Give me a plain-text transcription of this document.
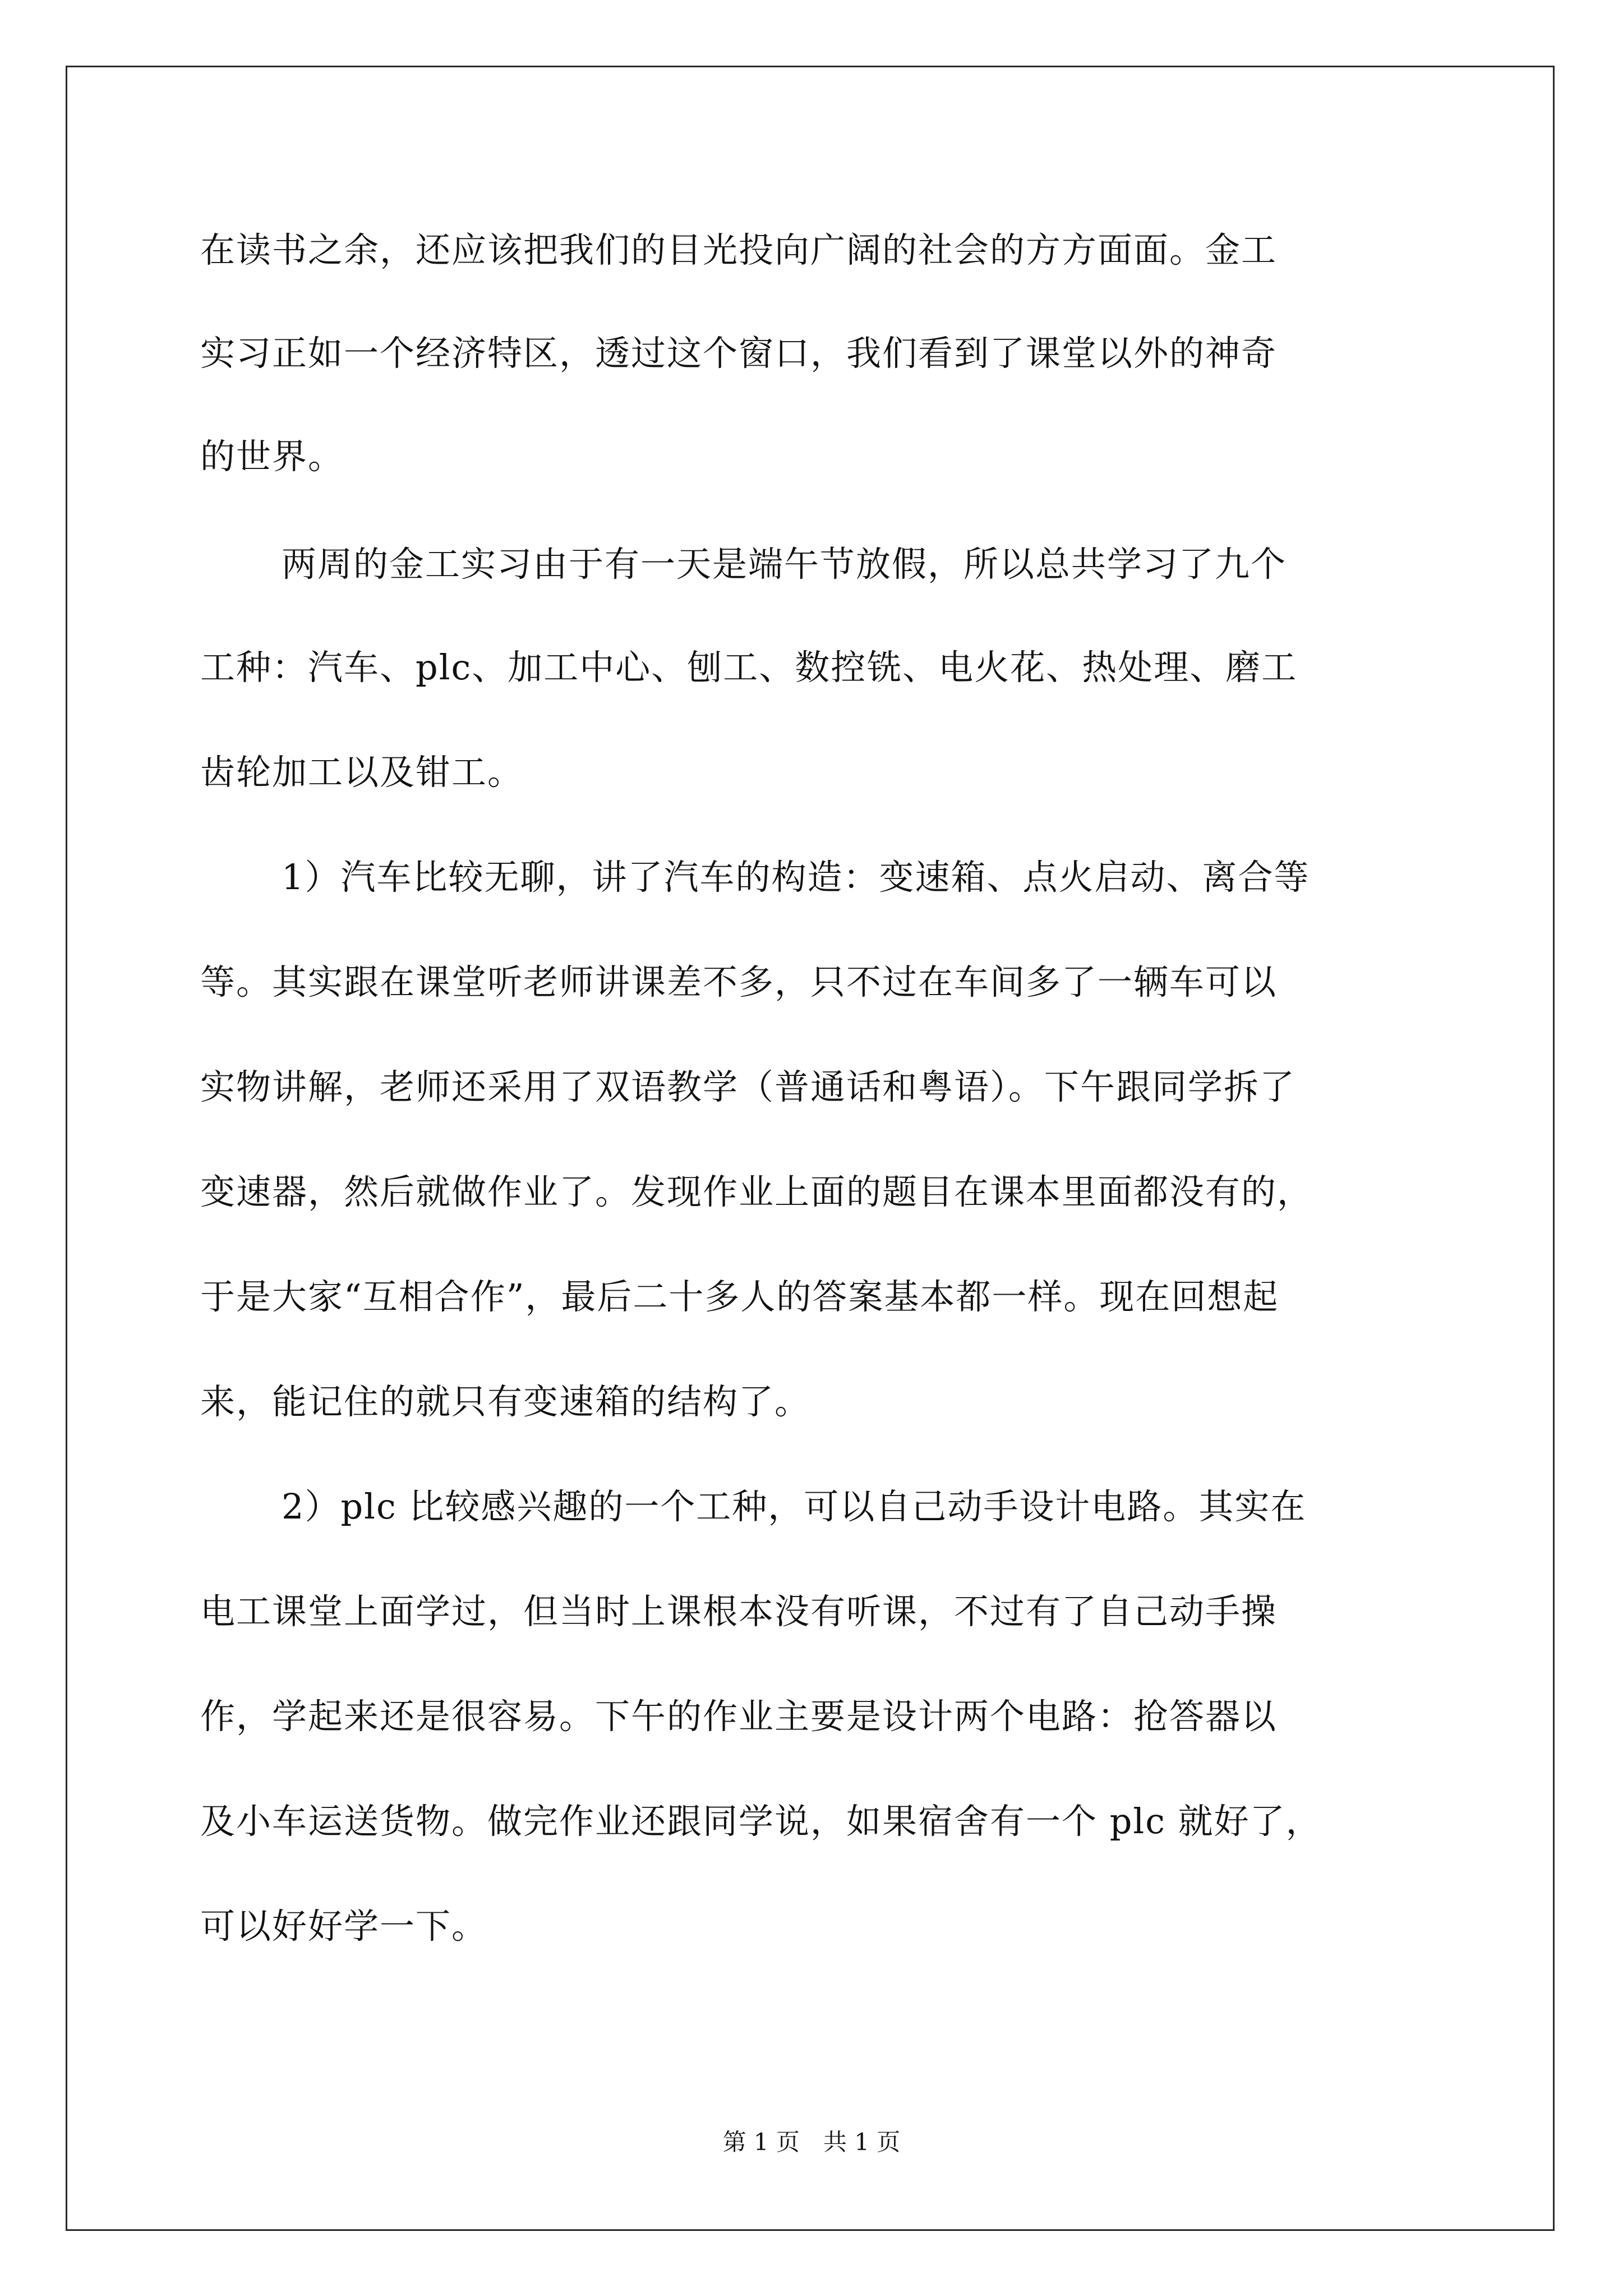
在读书之余，还应该把我们的目光投向广阔的社会的方方面面。金工

实习正如一个经济特区，透过这个窗口，我们看到了课堂以外的神奇

的世界。

两周的金工实习由于有一天是端午节放假，所以总共学习了九个

工种：汽车、plc、加工中心、刨工、数控铣、电火花、热处理、磨工

齿轮加工以及钳工。

1）汽车比较无聊，讲了汽车的构造：变速箱、点火启动、离合等

等。其实跟在课堂听老师讲课差不多，只不过在车间多了一辆车可以

实物讲解，老师还采用了双语教学（普通话和粤语）。下午跟同学拆了

变速器，然后就做作业了。发现作业上面的题目在课本里面都没有的，

于是大家“互相合作”，最后二十多人的答案基本都一样。现在回想起

来，能记住的就只有变速箱的结构了。

2）plc 比较感兴趣的一个工种，可以自己动手设计电路。其实在

电工课堂上面学过，但当时上课根本没有听课，不过有了自己动手操

作，学起来还是很容易。下午的作业主要是设计两个电路：抢答器以

及小车运送货物。做完作业还跟同学说，如果宿舍有一个 plc 就好了，

可以好好学一下。

第 1 页　共 1 页
